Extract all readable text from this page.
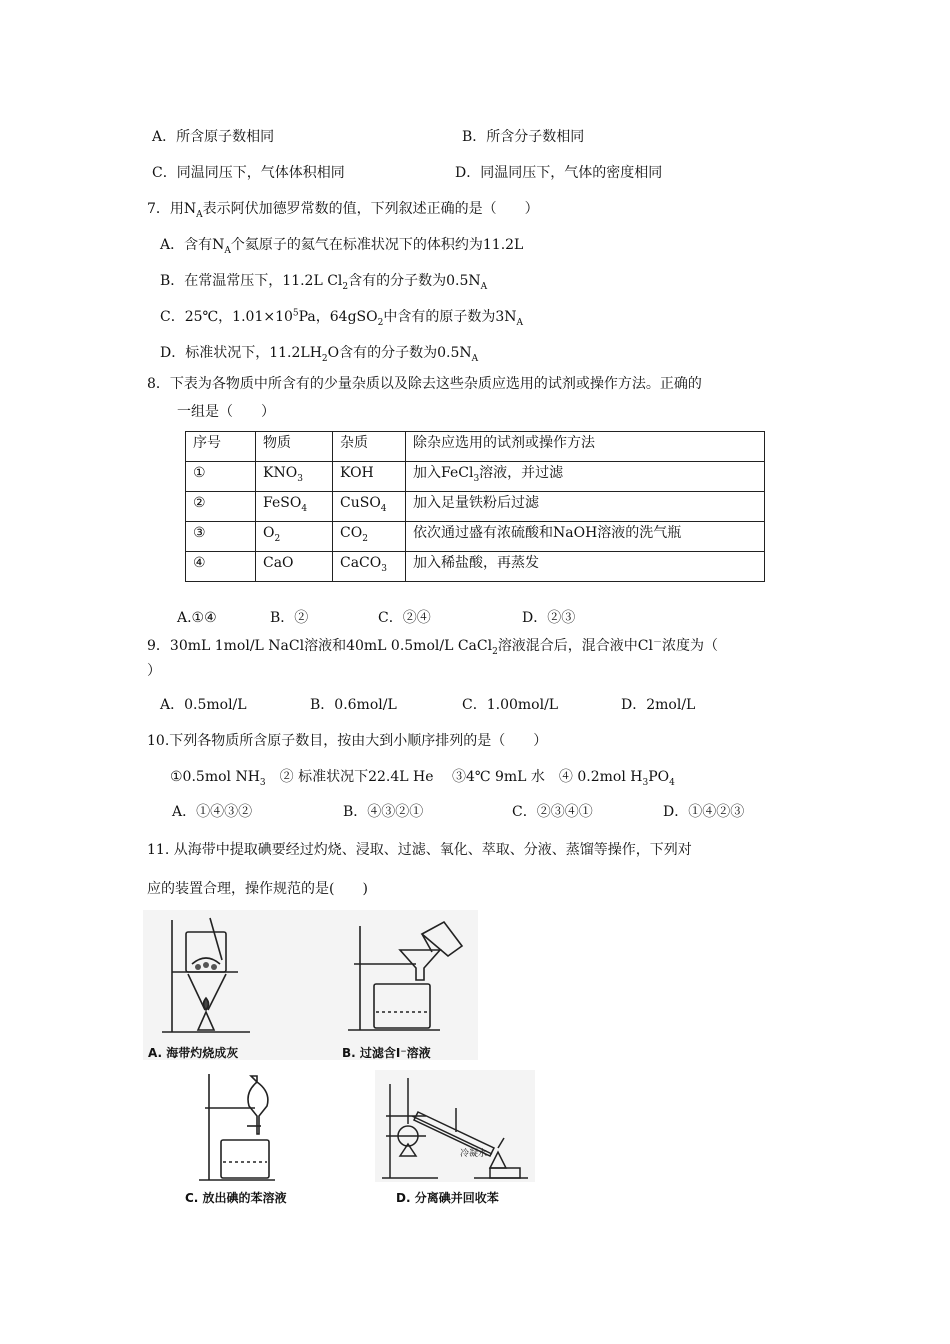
A．所含原子数相同	B．所含分子数相同
C．同温同压下，气体体积相同	D．同温同压下，气体的密度相同
7．用$N_A$表示阿伏加德罗常数的值，下列叙述正确的是（　　）
A．含有$N_A$个氦原子的氦气在标准状况下的体积约为11.2L
B．在常温常压下，11.2L $Cl_2$含有的分子数为$0.5N_A$
C．25℃，$1.01\times 10^5Pa$，64gSO$_2$中含有的原子数为$3N_A$
D．标准状况下，$11.2LH_2O$含有的分子数为$0.5N_A$
8．下表为各物质中所含有的少量杂质以及除去这些杂质应选用的试剂或操作方法。正确的
一组是（　　）
序号	物质	杂质	除杂应选用的试剂或操作方法
①	$KNO_3$	KOH	加入FeCl$_3$溶液，并过滤
②	FeSO$_4$	CuSO$_4$	加入足量铁粉后过滤
③	$O_2$	$CO_2$	依次通过盛有浓硫酸和NaOH溶液的洗气瓶
④	CaO	CaCO$_3$	加入稀盐酸，再蒸发
A.①④	B．②	C．②④	D．②③
9．30mL 1mol/L NaCl溶液和40mL 0.5mol/L CaCl$_2$溶液混合后，混合液中Cl－浓度为（
）
A．0.5mol/L	B．0.6mol/L	C．1.00mol/L	D．2mol/L
10.下列各物质所含原子数目，按由大到小顺序排列的是（　　）
①0.5mol $NH_3$　② 标准状况下22.4L He　 ③4℃ 9mL 水　④ 0.2mol $H_3PO_4$
A．①④③②	B．④③②①	C．②③④①	D．①④②③
11. 从海带中提取碘要经过灼烧、浸取、过滤、氧化、萃取、分液、蒸馏等操作，下列对
应的装置合理，操作规范的是(　　)
A. 海带灼烧成灰	B. 过滤含I⁻溶液
C. 放出碘的苯溶液
冷凝水
D. 分离碘并回收苯
